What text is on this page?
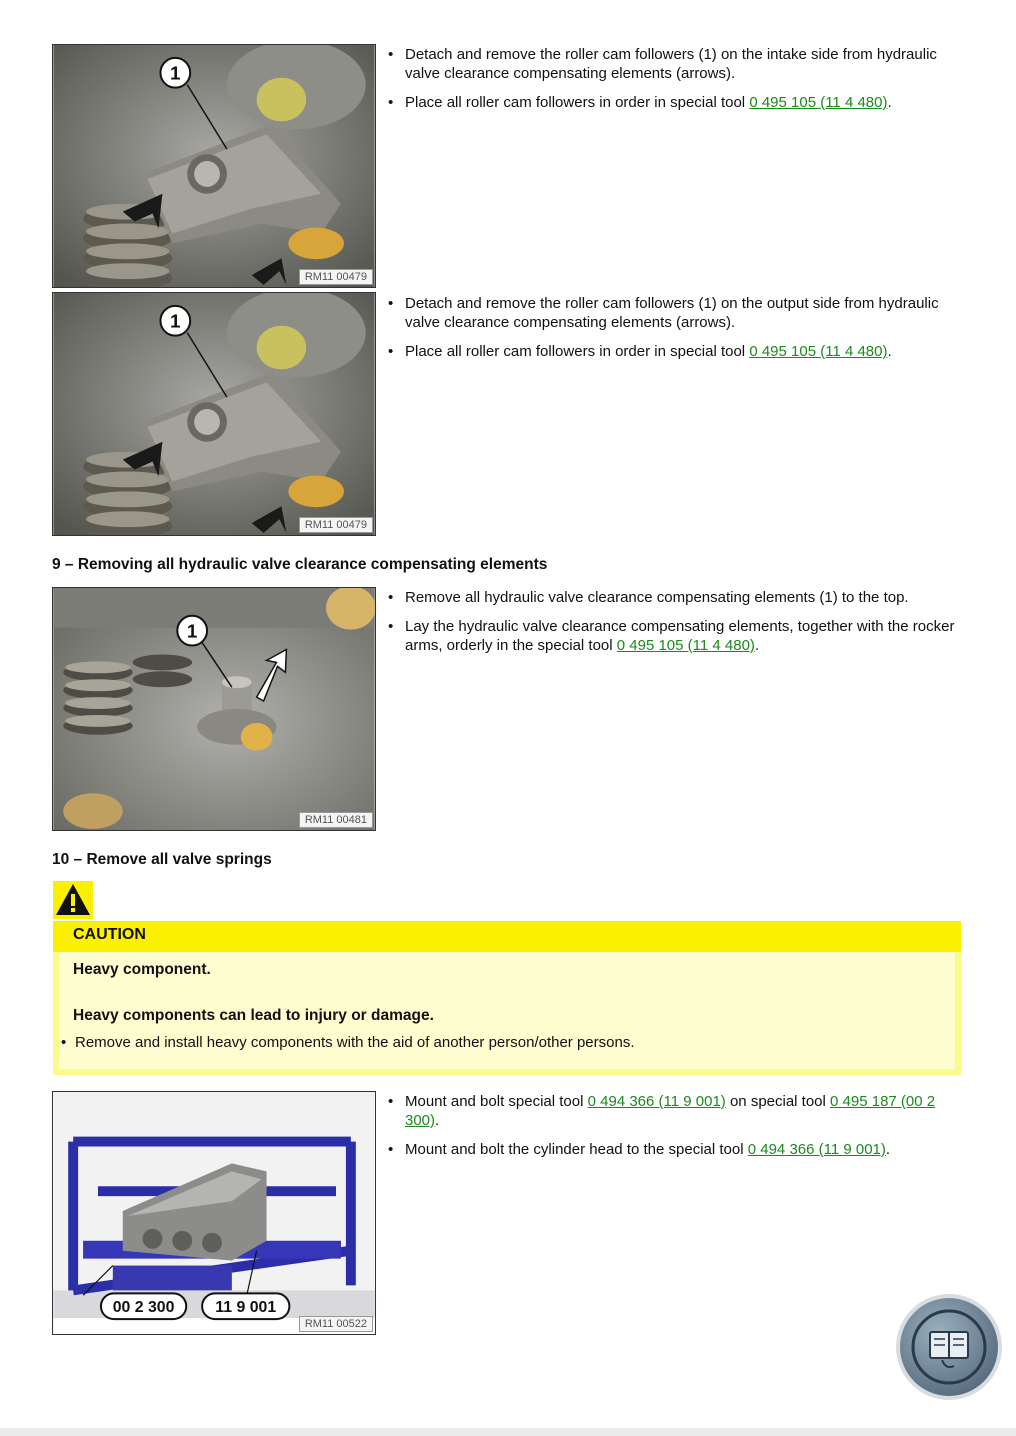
1
RM11 00479
• Detach and remove the roller cam followers (1) on the intake side from hydraulic valve clearance compensating elements (arrows).
• Place all roller cam followers in order in special tool 0 495 105 (11 4 480).
1
RM11 00479
• Detach and remove the roller cam followers (1) on the output side from hydraulic valve clearance compensating elements (arrows).
• Place all roller cam followers in order in special tool 0 495 105 (11 4 480).
9 – Removing all hydraulic valve clearance compensating elements
1
RM11 00481
• Remove all hydraulic valve clearance compensating elements (1) to the top.
• Lay the hydraulic valve clearance compensating elements, together with the rocker arms, orderly in the special tool 0 495 105 (11 4 480).
10 – Remove all valve springs
CAUTION
Heavy component.
Heavy components can lead to injury or damage.
• Remove and install heavy components with the aid of another person/other persons.
00 2 300	11 9 001
RM11 00522
• Mount and bolt special tool 0 494 366 (11 9 001) on special tool 0 495 187 (00 2 300).
• Mount and bolt the cylinder head to the special tool 0 494 366 (11 9 001).
